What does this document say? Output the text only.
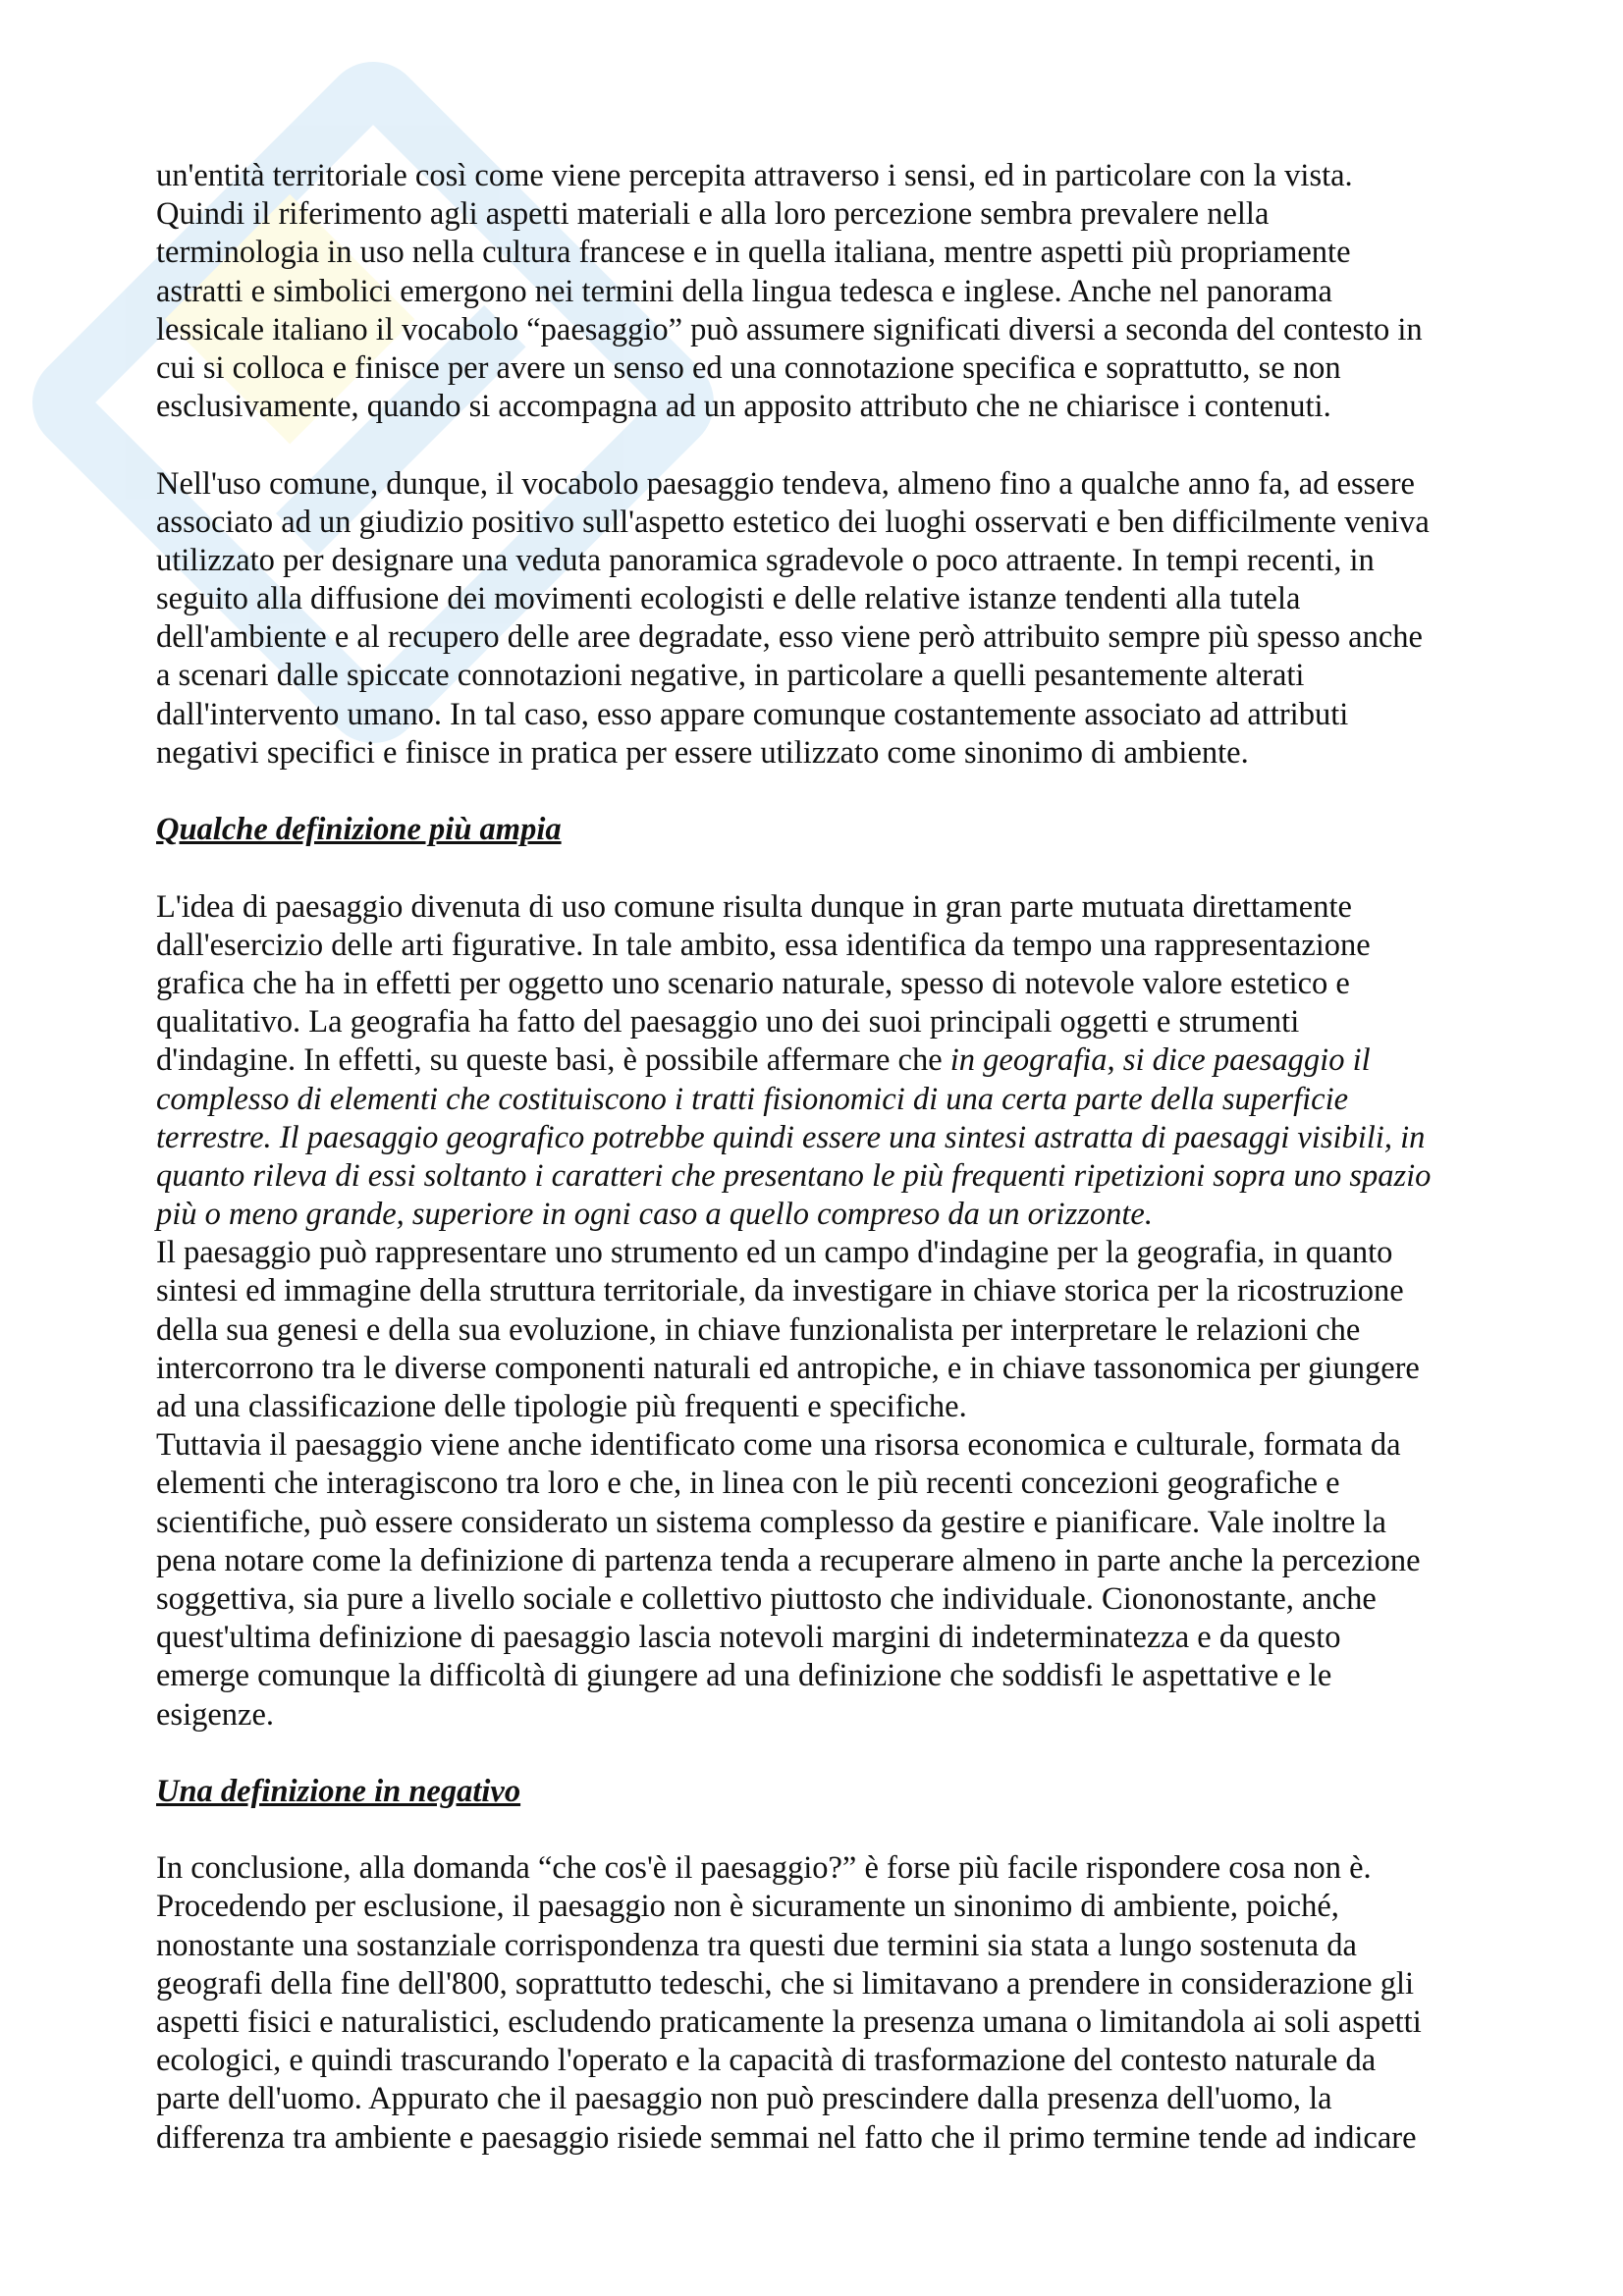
un'entità territoriale così come viene percepita attraverso i sensi, ed in particolare con la vista.
Quindi il riferimento agli aspetti materiali e alla loro percezione sembra prevalere nella
terminologia in uso nella cultura francese e in quella italiana, mentre aspetti più propriamente
astratti e simbolici emergono nei termini della lingua tedesca e inglese. Anche nel panorama
lessicale italiano il vocabolo “paesaggio” può assumere significati diversi a seconda del contesto in
cui si colloca e finisce per avere un senso ed una connotazione specifica e soprattutto, se non
esclusivamente, quando si accompagna ad un apposito attributo che ne chiarisce i contenuti.
Nell'uso comune, dunque, il vocabolo paesaggio tendeva, almeno fino a qualche anno fa, ad essere
associato ad un giudizio positivo sull'aspetto estetico dei luoghi osservati e ben difficilmente veniva
utilizzato per designare una veduta panoramica sgradevole o poco attraente. In tempi recenti, in
seguito alla diffusione dei movimenti ecologisti e delle relative istanze tendenti alla tutela
dell'ambiente e al recupero delle aree degradate, esso viene però attribuito sempre più spesso anche
a scenari dalle spiccate connotazioni negative, in particolare a quelli pesantemente alterati
dall'intervento umano. In tal caso, esso appare comunque costantemente associato ad attributi
negativi specifici e finisce in pratica per essere utilizzato come sinonimo di ambiente.
Qualche definizione più ampia
L'idea di paesaggio divenuta di uso comune risulta dunque in gran parte mutuata direttamente
dall'esercizio delle arti figurative. In tale ambito, essa identifica da tempo una rappresentazione
grafica che ha in effetti per oggetto uno scenario naturale, spesso di notevole valore estetico e
qualitativo. La geografia ha fatto del paesaggio uno dei suoi principali oggetti e strumenti
d'indagine. In effetti, su queste basi, è possibile affermare che in geografia, si dice paesaggio il
complesso di elementi che costituiscono i tratti fisionomici di una certa parte della superficie
terrestre. Il paesaggio geografico potrebbe quindi essere una sintesi astratta di paesaggi visibili, in
quanto rileva di essi soltanto i caratteri che presentano le più frequenti ripetizioni sopra uno spazio
più o meno grande, superiore in ogni caso a quello compreso da un orizzonte.
Il paesaggio può rappresentare uno strumento ed un campo d'indagine per la geografia, in quanto
sintesi ed immagine della struttura territoriale, da investigare in chiave storica per la ricostruzione
della sua genesi e della sua evoluzione, in chiave funzionalista per interpretare le relazioni che
intercorrono tra le diverse componenti naturali ed antropiche, e in chiave tassonomica per giungere
ad una classificazione delle tipologie più frequenti e specifiche.
Tuttavia il paesaggio viene anche identificato come una risorsa economica e culturale, formata da
elementi che interagiscono tra loro e che, in linea con le più recenti concezioni geografiche e
scientifiche, può essere considerato un sistema complesso da gestire e pianificare. Vale inoltre la
pena notare come la definizione di partenza tenda a recuperare almeno in parte anche la percezione
soggettiva, sia pure a livello sociale e collettivo piuttosto che individuale. Ciononostante, anche
quest'ultima definizione di paesaggio lascia notevoli margini di indeterminatezza e da questo
emerge comunque la difficoltà di giungere ad una definizione che soddisfi le aspettative e le
esigenze.
Una definizione in negativo
In conclusione, alla domanda “che cos'è il paesaggio?” è forse più facile rispondere cosa non è.
Procedendo per esclusione, il paesaggio non è sicuramente un sinonimo di ambiente, poiché,
nonostante una sostanziale corrispondenza tra questi due termini sia stata a lungo sostenuta da
geografi della fine dell'800, soprattutto tedeschi, che si limitavano a prendere in considerazione gli
aspetti fisici e naturalistici, escludendo praticamente la presenza umana o limitandola ai soli aspetti
ecologici, e quindi trascurando l'operato e la capacità di trasformazione del contesto naturale da
parte dell'uomo. Appurato che il paesaggio non può prescindere dalla presenza dell'uomo, la
differenza tra ambiente e paesaggio risiede semmai nel fatto che il primo termine tende ad indicare
